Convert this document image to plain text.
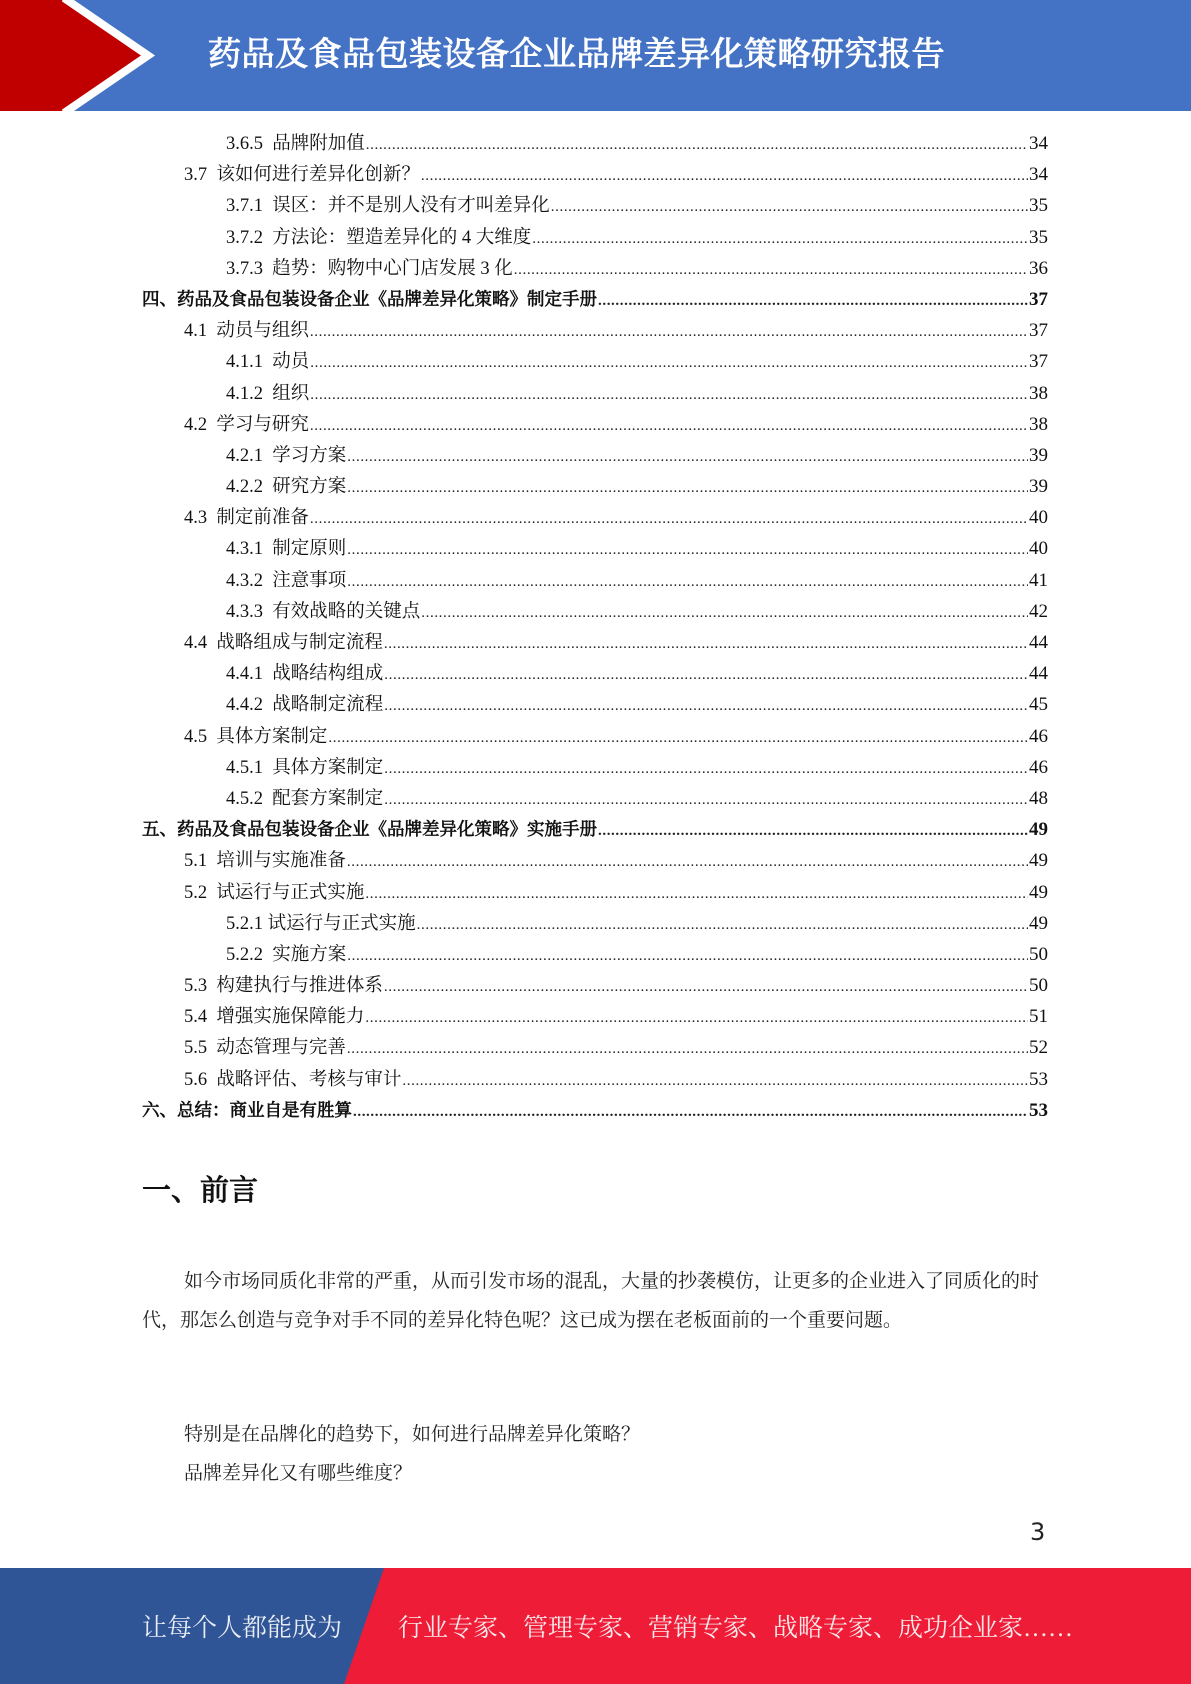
药品及食品包装设备企业品牌差异化策略研究报告
3.6.5 品牌附加值 .....	34
3.7 该如何进行差异化创新？ .....	34
3.7.1 误区：并不是别人没有才叫差异化 .....	35
3.7.2 方法论：塑造差异化的 4 大维度 .....	35
3.7.3 趋势：购物中心门店发展 3 化 .....	36
四、药品及食品包装设备企业《品牌差异化策略》制定手册 .....	37
4.1 动员与组织 .....	37
4.1.1 动员 .....	37
4.1.2 组织 .....	38
4.2 学习与研究 .....	38
4.2.1 学习方案 .....	39
4.2.2 研究方案 .....	39
4.3 制定前准备 .....	40
4.3.1 制定原则 .....	40
4.3.2 注意事项 .....	41
4.3.3 有效战略的关键点 .....	42
4.4 战略组成与制定流程 .....	44
4.4.1 战略结构组成 .....	44
4.4.2 战略制定流程 .....	45
4.5 具体方案制定 .....	46
4.5.1 具体方案制定 .....	46
4.5.2 配套方案制定 .....	48
五、药品及食品包装设备企业《品牌差异化策略》实施手册 .....	49
5.1 培训与实施准备 .....	49
5.2 试运行与正式实施 .....	49
5.2.1 试运行与正式实施 .....	49
5.2.2 实施方案 .....	50
5.3 构建执行与推进体系 .....	50
5.4 增强实施保障能力 .....	51
5.5 动态管理与完善 .....	52
5.6 战略评估、考核与审计 .....	53
六、总结：商业自是有胜算 .....	53
一、前言

如今市场同质化非常的严重，从而引发市场的混乱，大量的抄袭模仿，让更多的企业进入了同质化的时代，那怎么创造与竞争对手不同的差异化特色呢？这已成为摆在老板面前的一个重要问题。

特别是在品牌化的趋势下，如何进行品牌差异化策略？

品牌差异化又有哪些维度？

3
让每个人都能成为 行业专家、管理专家、营销专家、战略专家、成功企业家……
